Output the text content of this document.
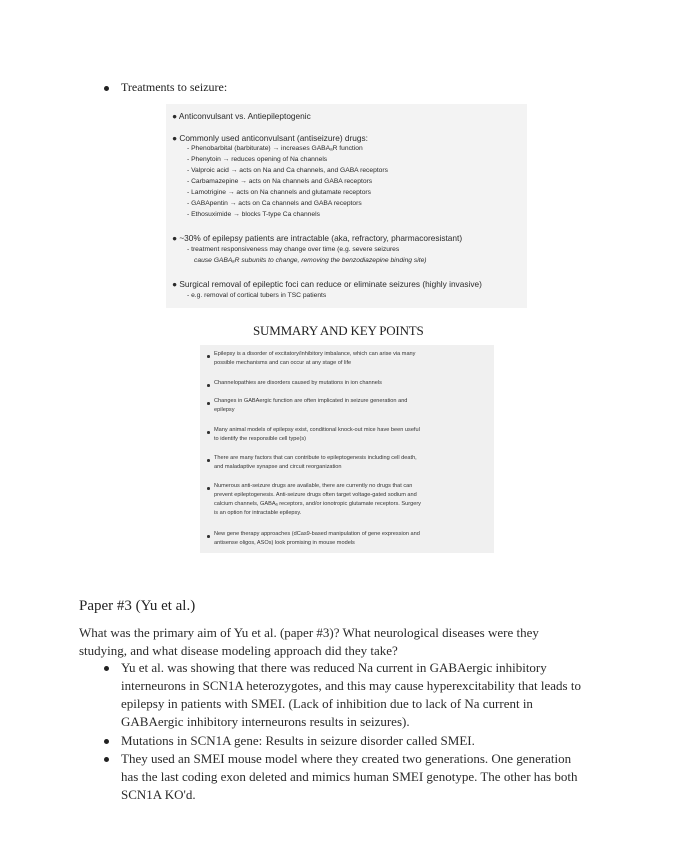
Treatments to seizure:
● Anticonvulsant vs. Antiepileptogenic
● Commonly used anticonvulsant (antiseizure) drugs:
- Phenobarbital (barbiturate) → increases GABAₐR function
- Phenytoin → reduces opening of Na channels
- Valproic acid → acts on Na and Ca channels, and GABA receptors
- Carbamazepine → acts on Na channels and GABA receptors
- Lamotrigine → acts on Na channels and glutamate receptors
- GABApentin → acts on Ca channels and GABA receptors
- Ethosuximide → blocks T-type Ca channels
● ~30% of epilepsy patients are intractable (aka, refractory, pharmacoresistant)
- treatment responsiveness may change over time (e.g. severe seizures
cause GABAₐR subunits to change, removing the benzodiazepine binding site)
● Surgical removal of epileptic foci can reduce or eliminate seizures (highly invasive)
- e.g. removal of cortical tubers in TSC patients
SUMMARY AND KEY POINTS
Epilepsy is a disorder of excitatory/inhibitory imbalance, which can arise via many
possible mechanisms and can occur at any stage of life
Channelopathies are disorders caused by mutations in ion channels
Changes in GABAergic function are often implicated in seizure generation and
epilepsy
Many animal models of epilepsy exist, conditional knock-out mice have been useful
to identify the responsible cell type(s)
There are many factors that can contribute to epileptogenesis including cell death,
and maladaptive synapse and circuit reorganization
Numerous anti-seizure drugs are available, there are currently no drugs that can
prevent epileptogenesis. Anti-seizure drugs often target voltage-gated sodium and
calcium channels, GABAₐ receptors, and/or ionotropic glutamate receptors. Surgery
is an option for intractable epilepsy.
New gene therapy approaches (dCas9-based manipulation of gene expression and
antisense oligos, ASOs) look promising in mouse models
Paper #3 (Yu et al.)
What was the primary aim of Yu et al. (paper #3)? What neurological diseases were they
studying, and what disease modeling approach did they take?
Yu et al. was showing that there was reduced Na current in GABAergic inhibitory
interneurons in SCN1A heterozygotes, and this may cause hyperexcitability that leads to
epilepsy in patients with SMEI. (Lack of inhibition due to lack of Na current in
GABAergic inhibitory interneurons results in seizures).
Mutations in SCN1A gene: Results in seizure disorder called SMEI.
They used an SMEI mouse model where they created two generations. One generation
has the last coding exon deleted and mimics human SMEI genotype. The other has both
SCN1A KO'd.
